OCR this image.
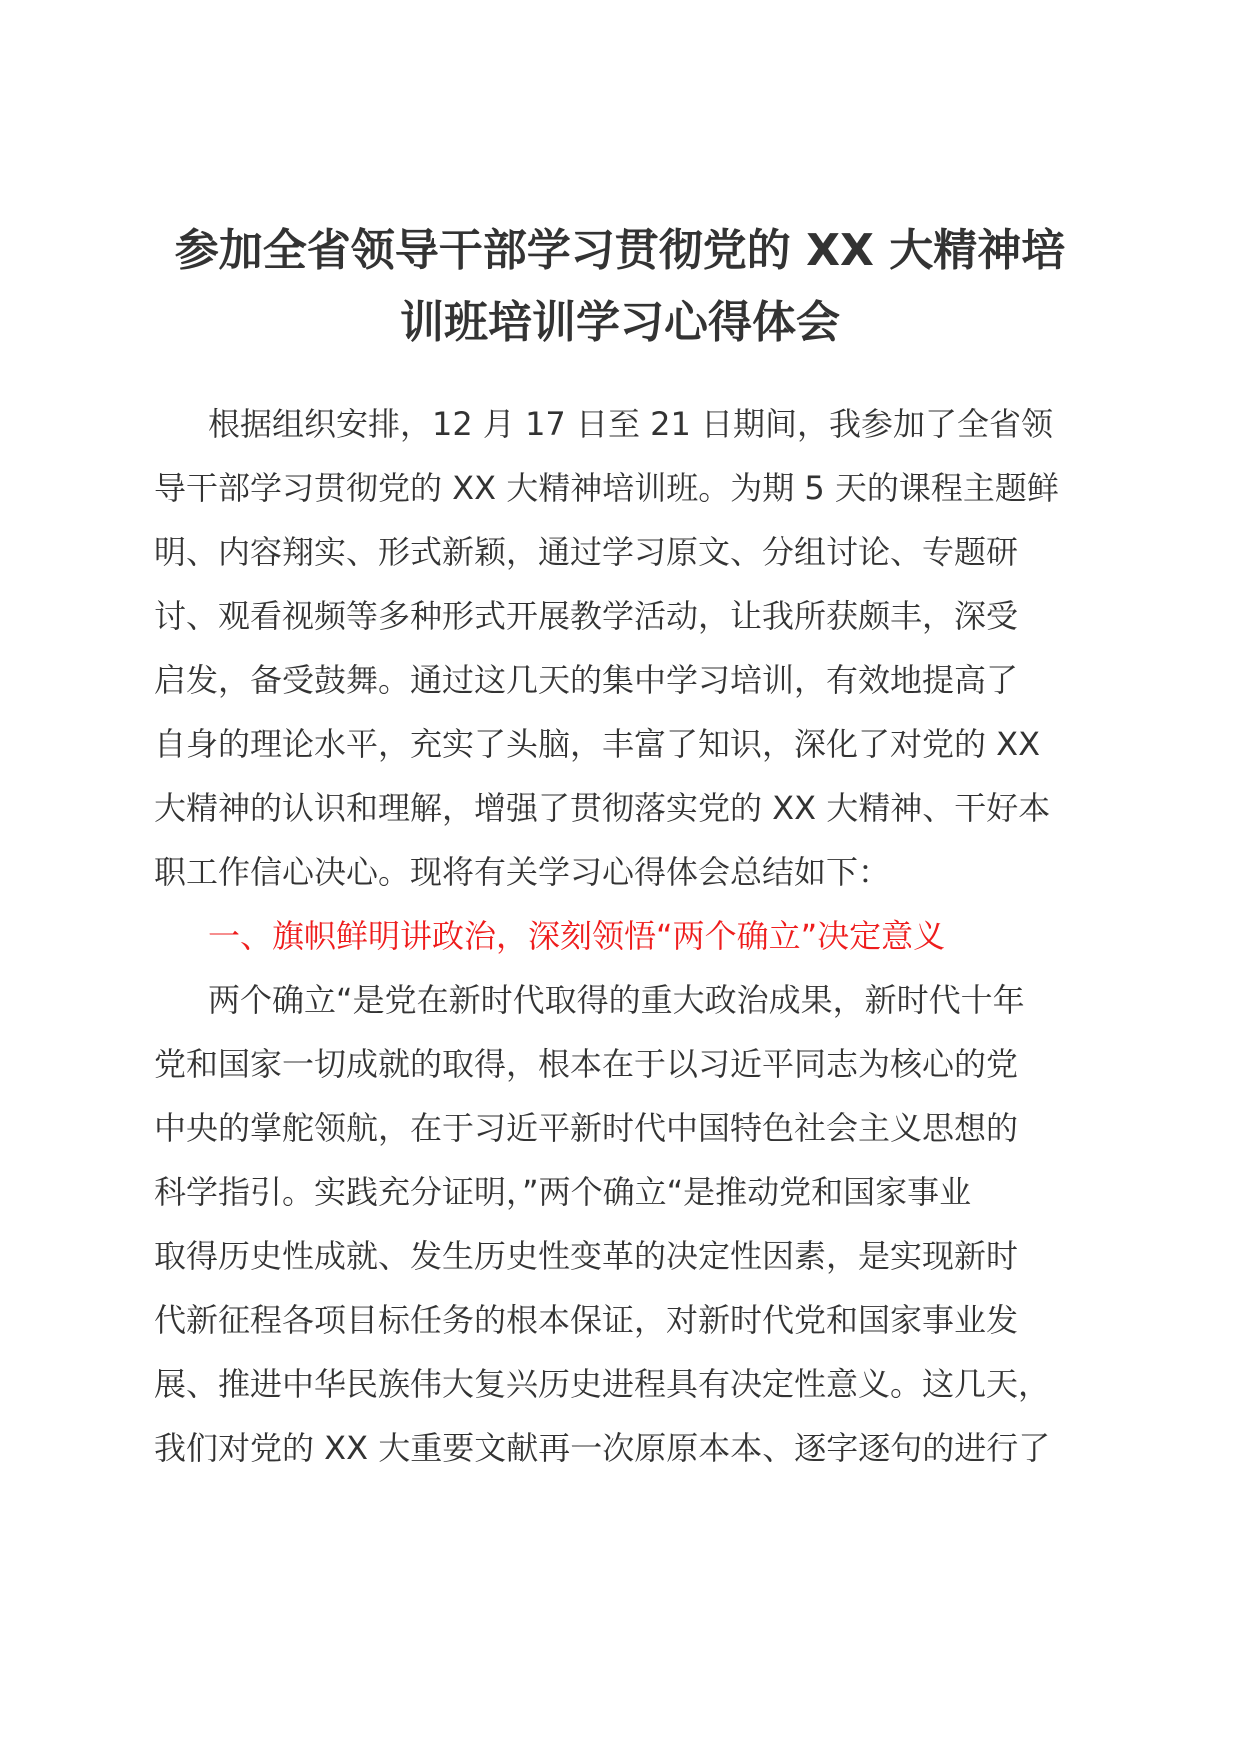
参加全省领导干部学习贯彻党的 XX 大精神培
训班培训学习心得体会
根据组织安排，12 月 17 日至 21 日期间，我参加了全省领
导干部学习贯彻党的 XX 大精神培训班。为期 5 天的课程主题鲜
明、内容翔实、形式新颖，通过学习原文、分组讨论、专题研
讨、观看视频等多种形式开展教学活动，让我所获颇丰，深受
启发，备受鼓舞。通过这几天的集中学习培训，有效地提高了
自身的理论水平，充实了头脑，丰富了知识，深化了对党的 XX
大精神的认识和理解，增强了贯彻落实党的 XX 大精神、干好本
职工作信心决心。现将有关学习心得体会总结如下：
一、旗帜鲜明讲政治，深刻领悟“两个确立”决定意义
两个确立“是党在新时代取得的重大政治成果，新时代十年
党和国家一切成就的取得，根本在于以习近平同志为核心的党
中央的掌舵领航，在于习近平新时代中国特色社会主义思想的
科学指引。实践充分证明，”两个确立“是推动党和国家事业
取得历史性成就、发生历史性变革的决定性因素，是实现新时
代新征程各项目标任务的根本保证，对新时代党和国家事业发
展、推进中华民族伟大复兴历史进程具有决定性意义。这几天，
我们对党的 XX 大重要文献再一次原原本本、逐字逐句的进行了
